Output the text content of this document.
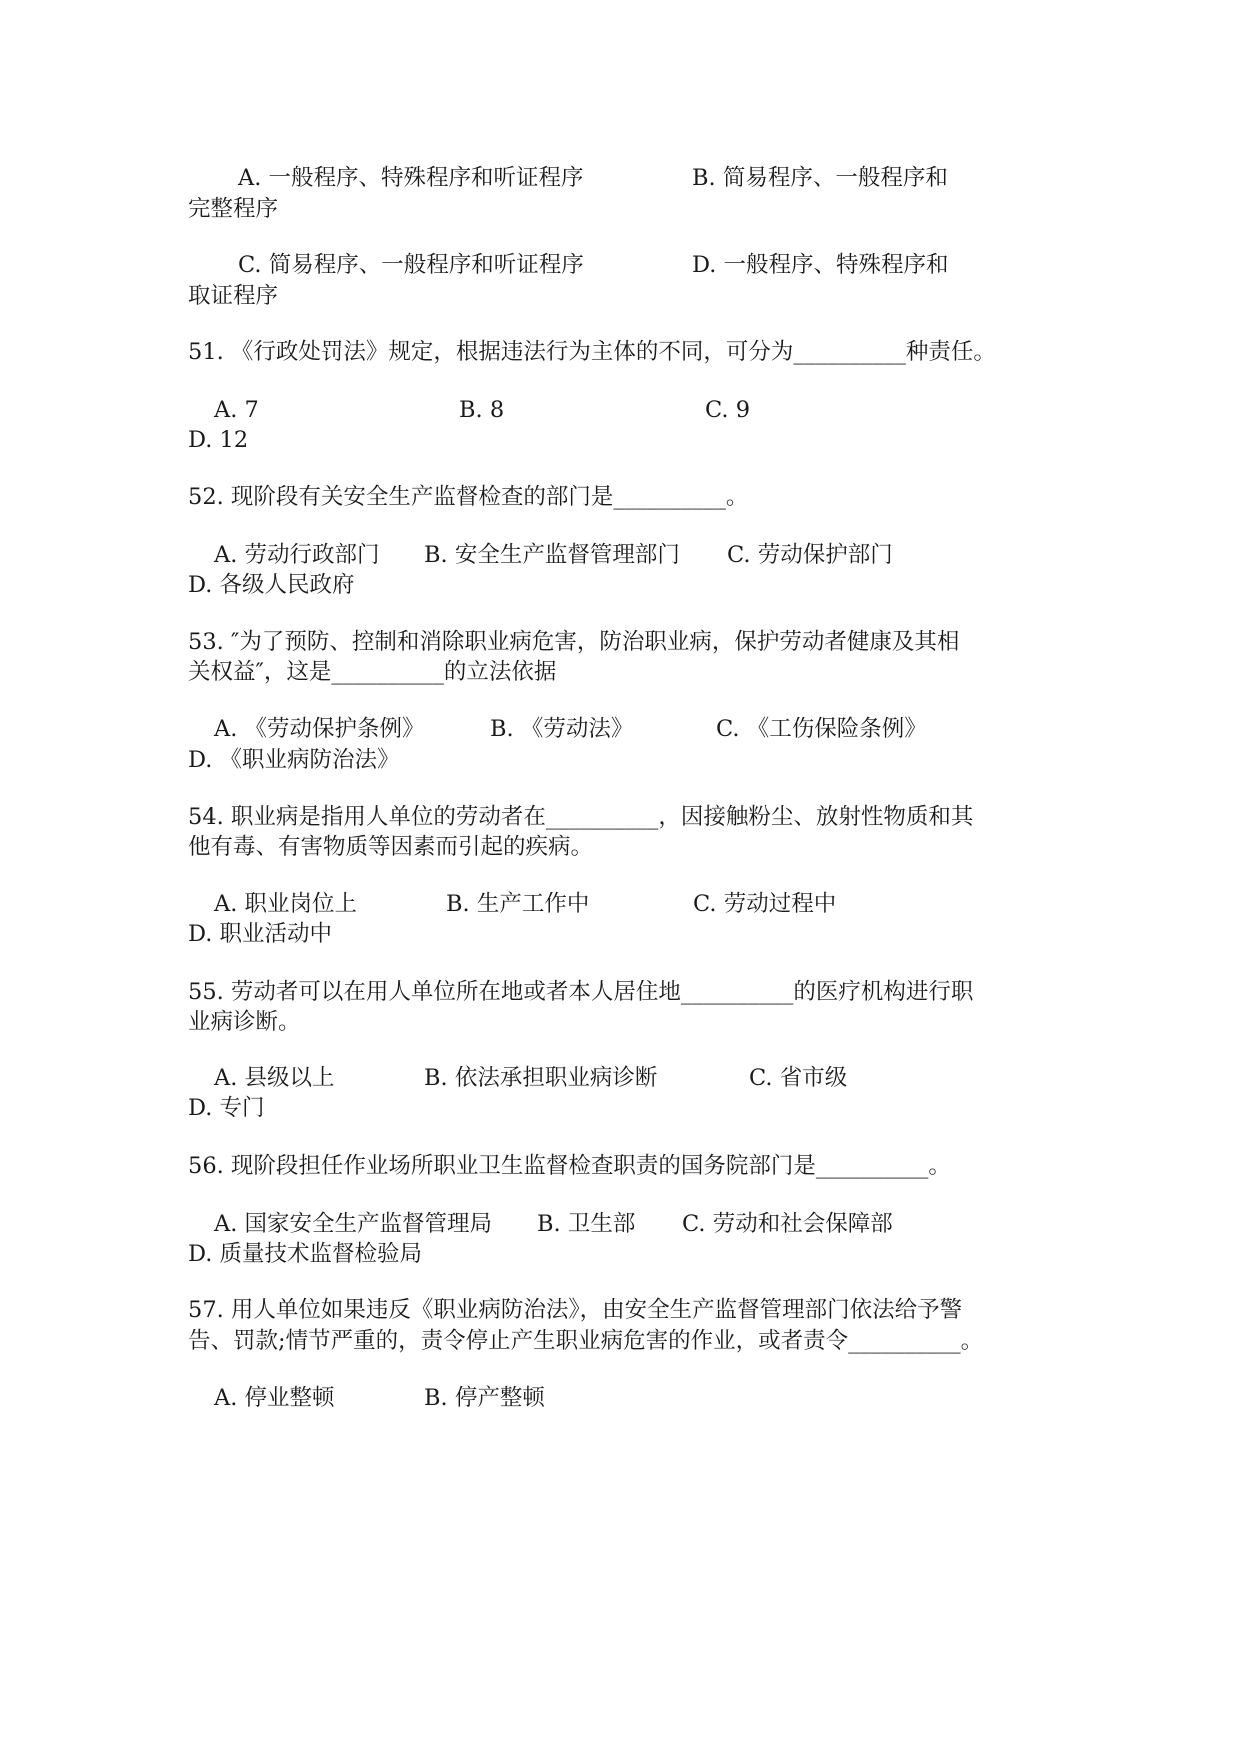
A. 一般程序、特殊程序和听证程序	B. 简易程序、一般程序和
完整程序
C. 简易程序、一般程序和听证程序	D. 一般程序、特殊程序和
取证程序
51. 《行政处罚法》规定，根据违法行为主体的不同，可分为__________种责任。
A. 7	B. 8	C. 9
D. 12
52. 现阶段有关安全生产监督检查的部门是__________。
A. 劳动行政部门 B. 安全生产监督管理部门 C. 劳动保护部门
D. 各级人民政府
53. ″为了预防、控制和消除职业病危害，防治职业病，保护劳动者健康及其相
关权益″，这是__________的立法依据
A. 《劳动保护条例》	B. 《劳动法》	C. 《工伤保险条例》
D. 《职业病防治法》
54. 职业病是指用人单位的劳动者在__________，因接触粉尘、放射性物质和其
他有毒、有害物质等因素而引起的疾病。
A. 职业岗位上	B. 生产工作中	C. 劳动过程中
D. 职业活动中
55. 劳动者可以在用人单位所在地或者本人居住地__________的医疗机构进行职
业病诊断。
A. 县级以上	B. 依法承担职业病诊断	C. 省市级
D. 专门
56. 现阶段担任作业场所职业卫生监督检查职责的国务院部门是__________。
A. 国家安全生产监督管理局 B. 卫生部 C. 劳动和社会保障部
D. 质量技术监督检验局
57. 用人单位如果违反《职业病防治法》，由安全生产监督管理部门依法给予警
告、罚款;情节严重的，责令停止产生职业病危害的作业，或者责令__________。
A. 停业整顿	B. 停产整顿
